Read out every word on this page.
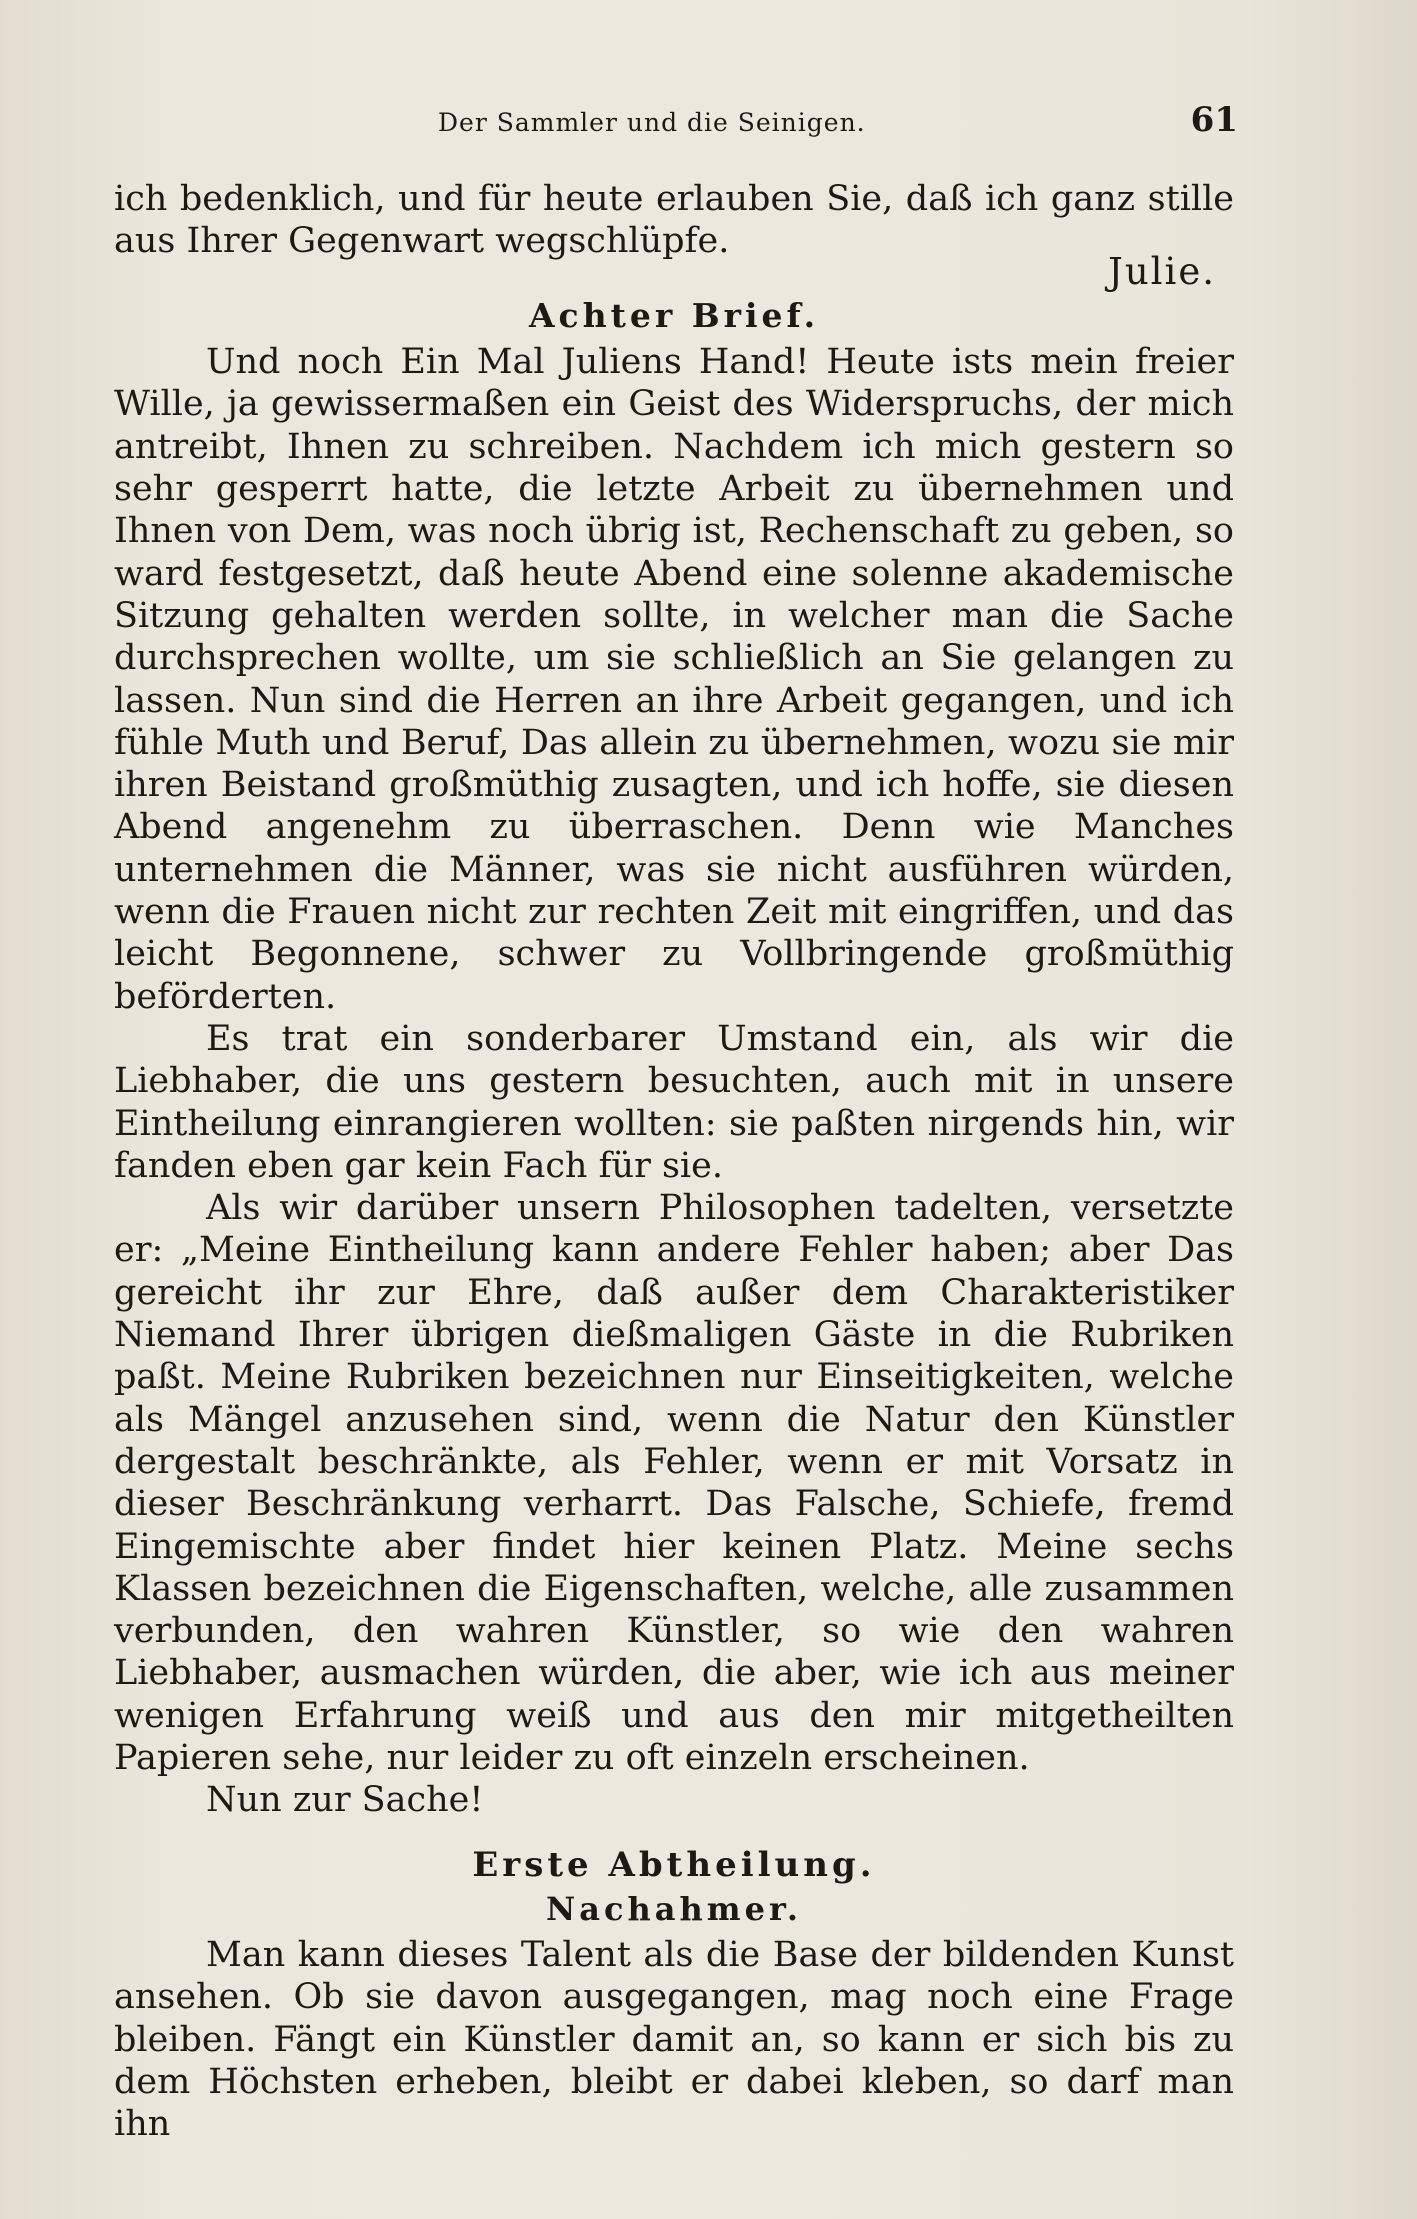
Der Sammler und die Seinigen.	61

ich bedenklich, und für heute erlauben Sie, daß ich ganz stille aus Ihrer Gegenwart wegschlüpfe.

Julie.

Achter Brief.

Und noch Ein Mal Juliens Hand! Heute ists mein freier Wille, ja gewissermaßen ein Geist des Widerspruchs, der mich antreibt, Ihnen zu schreiben. Nachdem ich mich gestern so sehr gesperrt hatte, die letzte Arbeit zu übernehmen und Ihnen von Dem, was noch übrig ist, Rechenschaft zu geben, so ward festgesetzt, daß heute Abend eine solenne akademische Sitzung gehalten werden sollte, in welcher man die Sache durchsprechen wollte, um sie schließlich an Sie gelangen zu lassen. Nun sind die Herren an ihre Arbeit gegangen, und ich fühle Muth und Beruf, Das allein zu übernehmen, wozu sie mir ihren Beistand großmüthig zusagten, und ich hoffe, sie diesen Abend angenehm zu überraschen. Denn wie Manches unternehmen die Männer, was sie nicht ausführen würden, wenn die Frauen nicht zur rechten Zeit mit eingriffen, und das leicht Begonnene, schwer zu Vollbringende großmüthig beförderten.

Es trat ein sonderbarer Umstand ein, als wir die Liebhaber, die uns gestern besuchten, auch mit in unsere Eintheilung einrangieren wollten: sie paßten nirgends hin, wir fanden eben gar kein Fach für sie.

Als wir darüber unsern Philosophen tadelten, versetzte er: „Meine Eintheilung kann andere Fehler haben; aber Das gereicht ihr zur Ehre, daß außer dem Charakteristiker Niemand Ihrer übrigen dießmaligen Gäste in die Rubriken paßt. Meine Rubriken bezeichnen nur Einseitigkeiten, welche als Mängel anzusehen sind, wenn die Natur den Künstler dergestalt beschränkte, als Fehler, wenn er mit Vorsatz in dieser Beschränkung verharrt. Das Falsche, Schiefe, fremd Eingemischte aber findet hier keinen Platz. Meine sechs Klassen bezeichnen die Eigenschaften, welche, alle zusammen verbunden, den wahren Künstler, so wie den wahren Liebhaber, ausmachen würden, die aber, wie ich aus meiner wenigen Erfahrung weiß und aus den mir mitgetheilten Papieren sehe, nur leider zu oft einzeln erscheinen.

Nun zur Sache!

Erste Abtheilung.

Nachahmer.

Man kann dieses Talent als die Base der bildenden Kunst ansehen. Ob sie davon ausgegangen, mag noch eine Frage bleiben. Fängt ein Künstler damit an, so kann er sich bis zu dem Höchsten erheben, bleibt er dabei kleben, so darf man ihn
